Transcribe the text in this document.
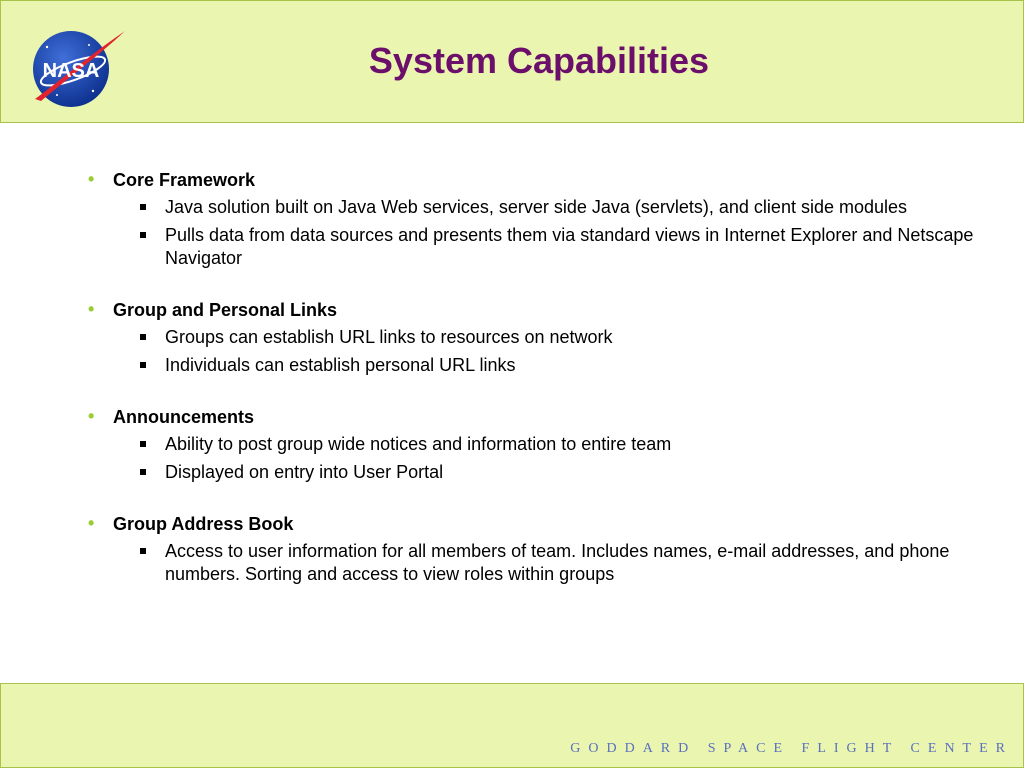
NASA	System Capabilities
• Core Framework
Java solution built on Java Web services, server side Java (servlets), and client side modules
Pulls data from data sources and presents them via standard views in Internet Explorer and Netscape Navigator
• Group and Personal Links
Groups can establish URL links to resources on network
Individuals can establish personal URL links
• Announcements
Ability to post group wide notices and information to entire team
Displayed on entry into User Portal
• Group Address Book
Access to user information for all members of team. Includes names, e-mail addresses, and phone numbers. Sorting and access to view roles within groups
GODDARD SPACE FLIGHT CENTER
